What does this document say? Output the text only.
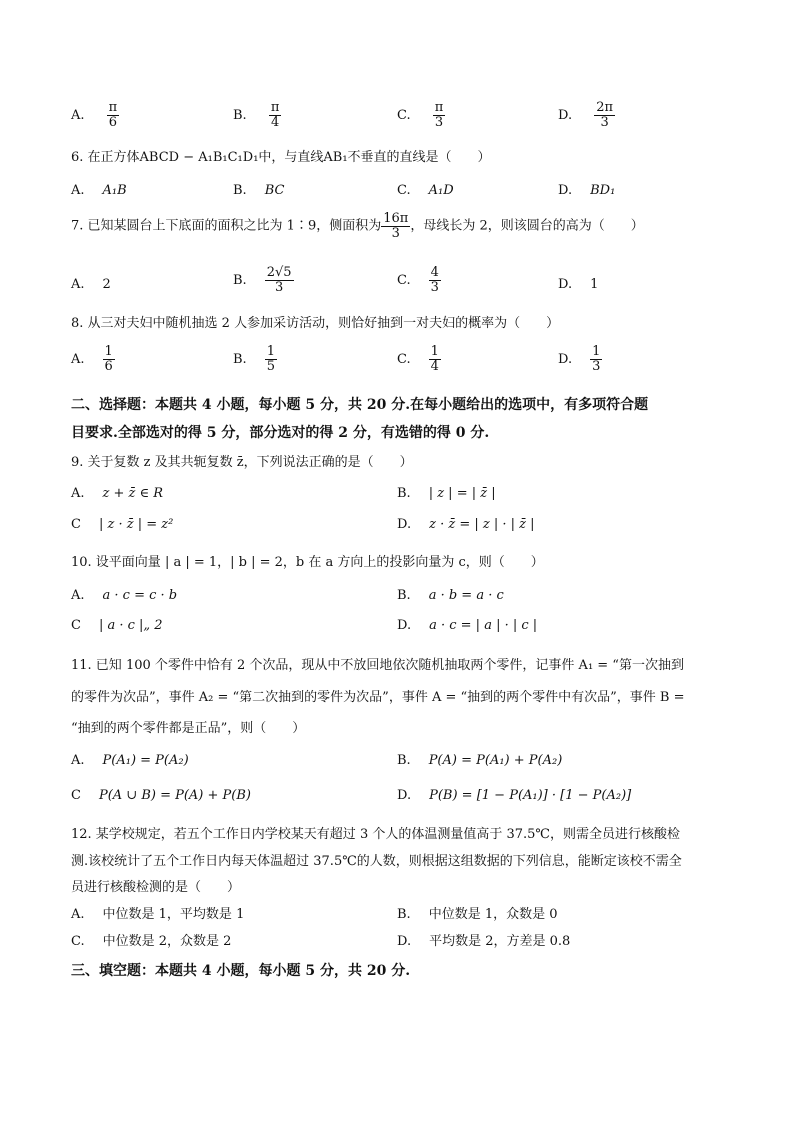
A. $\frac{\pi}{6}$	B. $\frac{\pi}{4}$	C. $\frac{\pi}{3}$	D. $\frac{2\pi}{3}$
6. 在正方体ABCD − A₁B₁C₁D₁中，与直线AB₁不垂直的直线是（　　）
A. A₁B	B. BC	C. A₁D	D. BD₁
7. 已知某圆台上下底面的面积之比为 1∶9，侧面积为 $\frac{16\pi}{3}$ ，母线长为 2，则该圆台的高为（　　）
A. 2	B. $\frac{2√5}{3}$	C. $\frac{4}{3}$	D. 1
8. 从三对夫妇中随机抽选 2 人参加采访活动，则恰好抽到一对夫妇的概率为（　　）
A. $\frac{1}{6}$	B. $\frac{1}{5}$	C. $\frac{1}{4}$	D. $\frac{1}{3}$
二、选择题：本题共 4 小题，每小题 5 分，共 20 分.在每小题给出的选项中，有多项符合题
目要求.全部选对的得 5 分，部分选对的得 2 分，有选错的得 0 分.
9. 关于复数 z 及其共轭复数 z̄，下列说法正确的是（　　）
A. z + z̄ ∈ R	B. | z | = | z̄ |
C | z · z̄ | = z²	D. z · z̄ = | z | · | z̄ |
10. 设平面向量 | a | = 1，| b | = 2，b 在 a 方向上的投影向量为 c，则（　　）
A. a · c = c · b	B. a · b = a · c
C | a · c |„ 2	D. a · c = | a | · | c |
11. 已知 100 个零件中恰有 2 个次品，现从中不放回地依次随机抽取两个零件，记事件 A₁ = “第一次抽到
的零件为次品”，事件 A₂ = “第二次抽到的零件为次品”，事件 A = “抽到的两个零件中有次品”，事件 B =
“抽到的两个零件都是正品”，则（　　）
A. P(A₁) = P(A₂)	B. P(A) = P(A₁) + P(A₂)
C P(A ∪ B) = P(A) + P(B)	D. P(B) = [1 − P(A₁)] · [1 − P(A₂)]
12. 某学校规定，若五个工作日内学校某天有超过 3 个人的体温测量值高于 37.5℃，则需全员进行核酸检
测.该校统计了五个工作日内每天体温超过 37.5℃的人数，则根据这组数据的下列信息，能断定该校不需全
员进行核酸检测的是（　　）
A. 中位数是 1，平均数是 1	B. 中位数是 1，众数是 0
C. 中位数是 2，众数是 2	D. 平均数是 2，方差是 0.8
三、填空题：本题共 4 小题，每小题 5 分，共 20 分.
